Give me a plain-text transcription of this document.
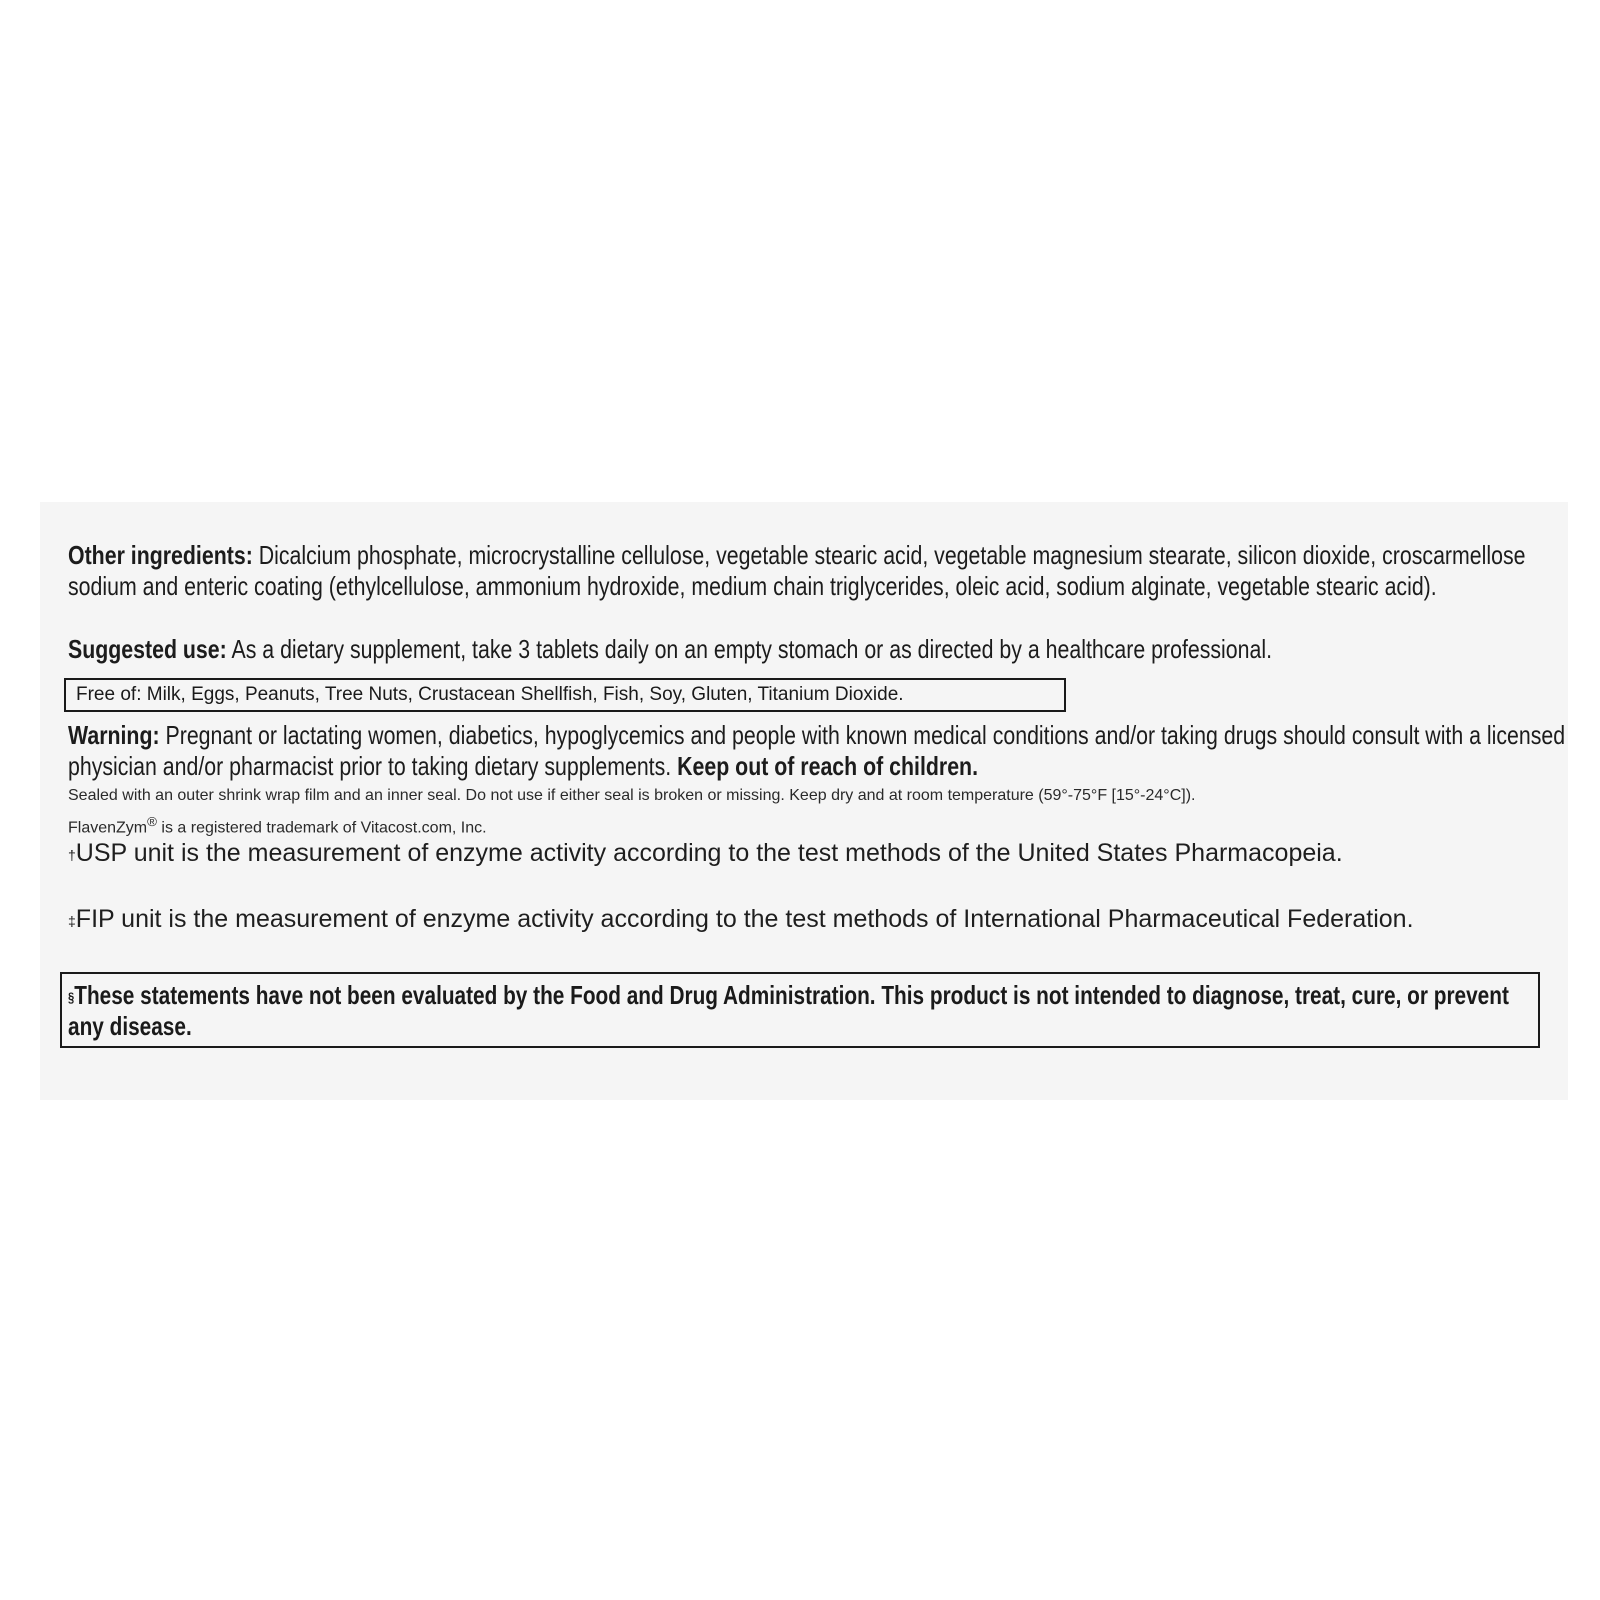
Other ingredients: Dicalcium phosphate, microcrystalline cellulose, vegetable stearic acid, vegetable magnesium stearate, silicon dioxide, croscarmellose sodium and enteric coating (ethylcellulose, ammonium hydroxide, medium chain triglycerides, oleic acid, sodium alginate, vegetable stearic acid).

Suggested use: As a dietary supplement, take 3 tablets daily on an empty stomach or as directed by a healthcare professional.

Free of: Milk, Eggs, Peanuts, Tree Nuts, Crustacean Shellfish, Fish, Soy, Gluten, Titanium Dioxide.

Warning: Pregnant or lactating women, diabetics, hypoglycemics and people with known medical conditions and/or taking drugs should consult with a licensed physician and/or pharmacist prior to taking dietary supplements. Keep out of reach of children.

Sealed with an outer shrink wrap film and an inner seal. Do not use if either seal is broken or missing. Keep dry and at room temperature (59°-75°F [15°-24°C]).

FlavenZym® is a registered trademark of Vitacost.com, Inc.

†USP unit is the measurement of enzyme activity according to the test methods of the United States Pharmacopeia.

‡FIP unit is the measurement of enzyme activity according to the test methods of International Pharmaceutical Federation.

§These statements have not been evaluated by the Food and Drug Administration. This product is not intended to diagnose, treat, cure, or prevent any disease.
